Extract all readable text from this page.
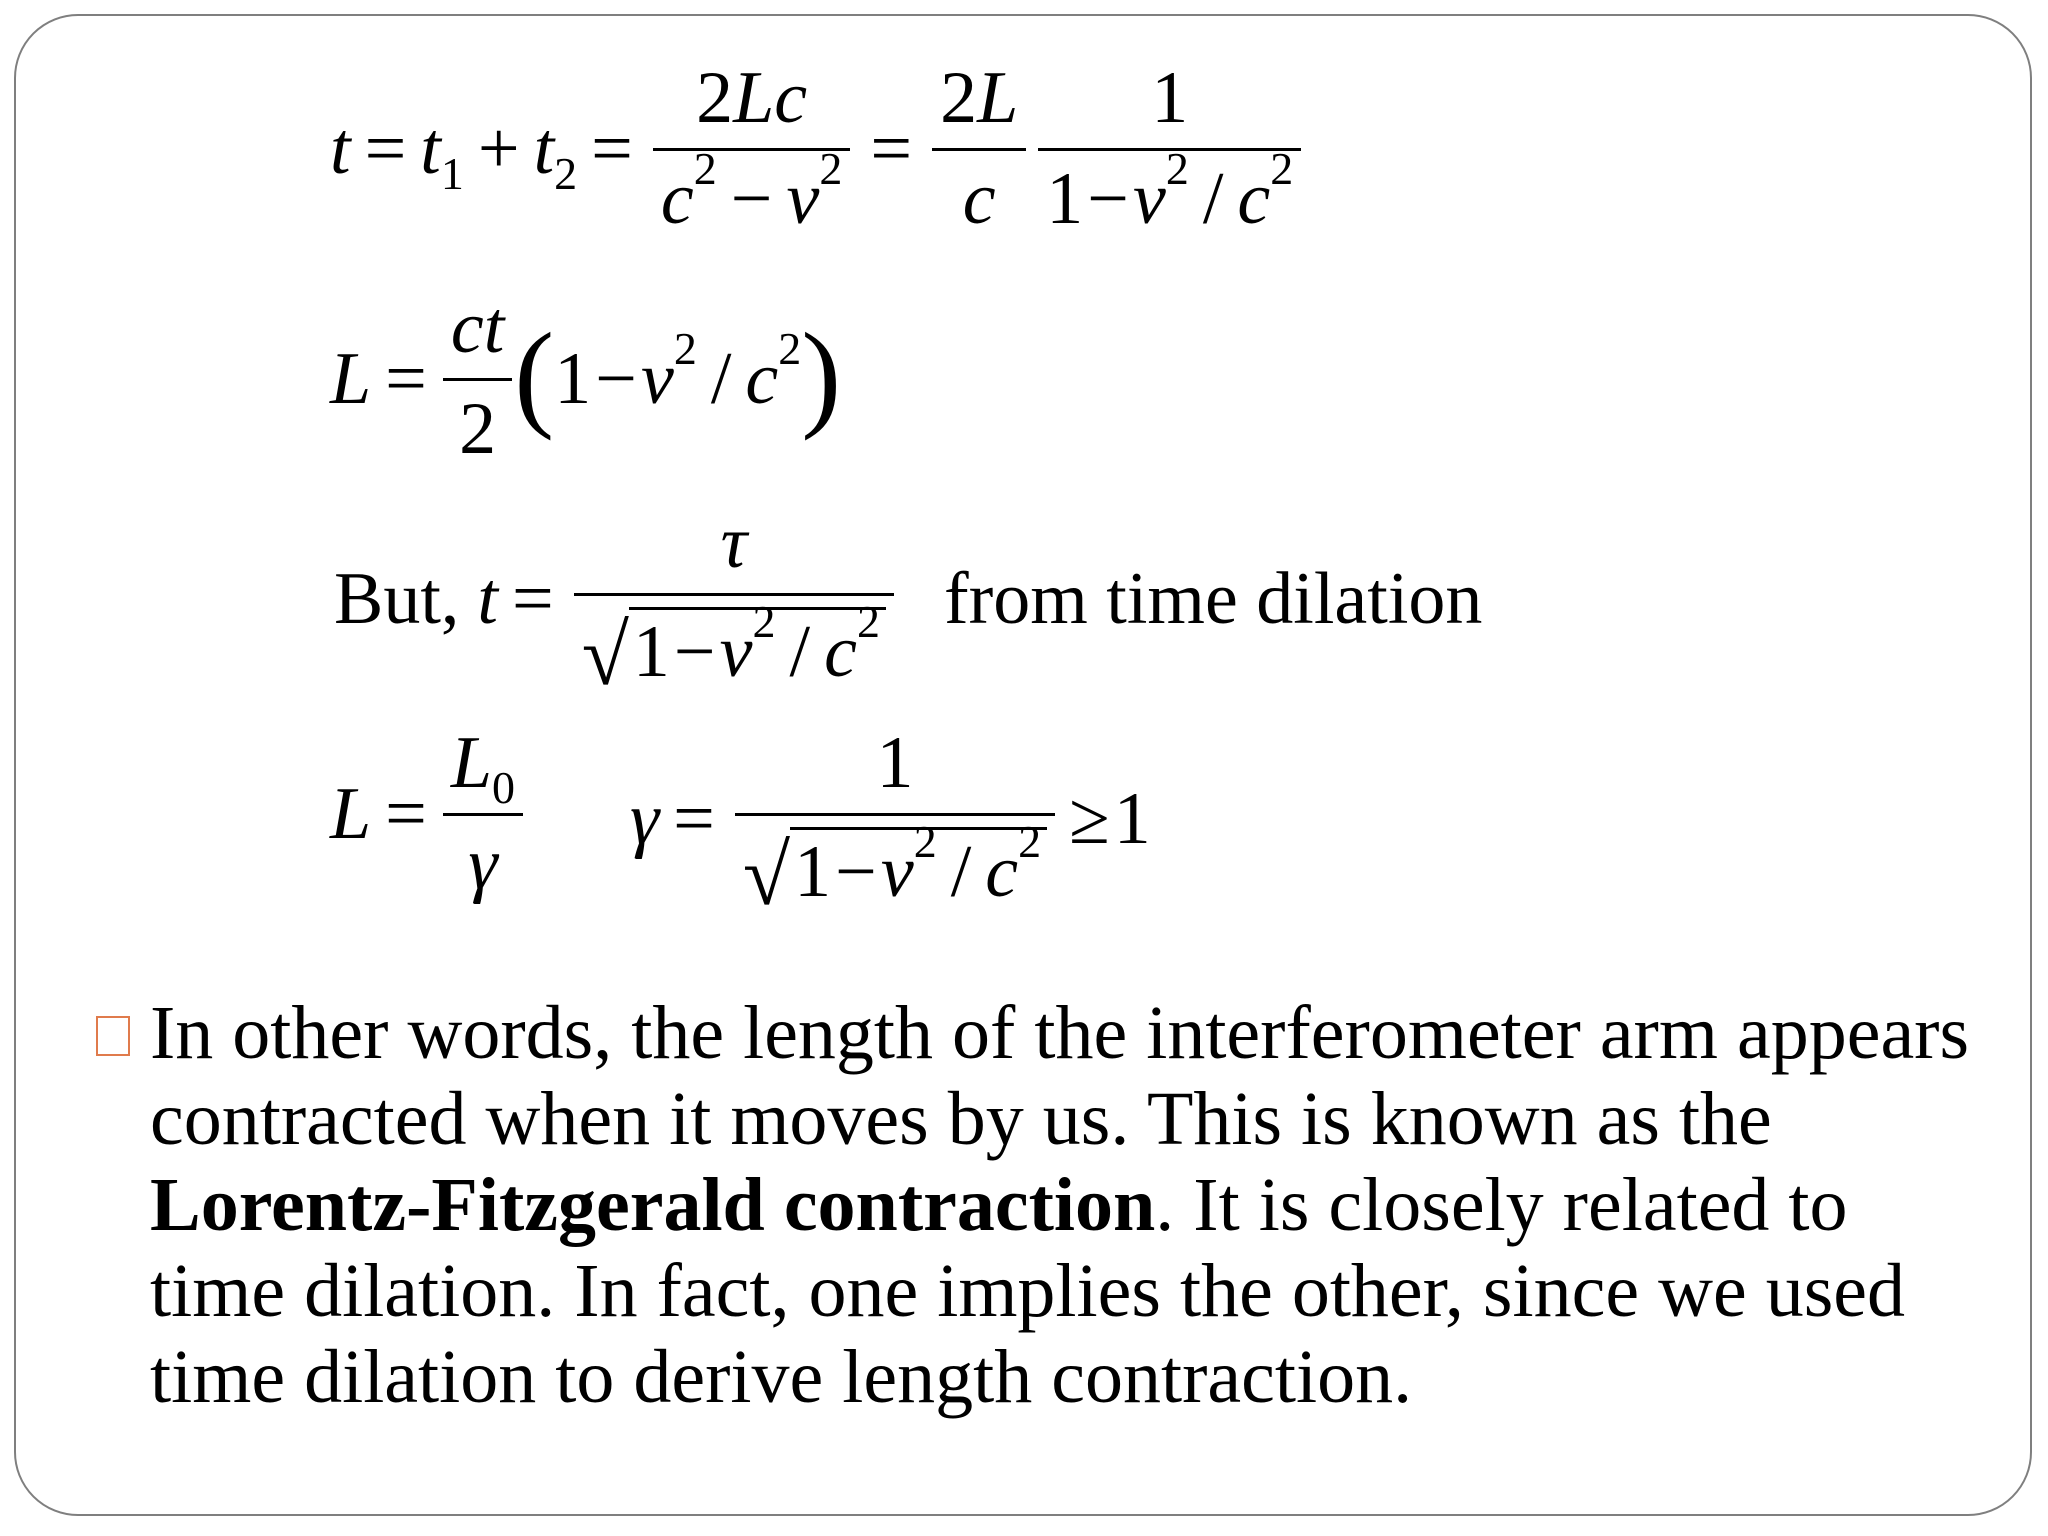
$t = t_1 + t_2 = \frac{2Lc}{c^2 - v^2} = \frac{2L}{c} \frac{1}{1-v^2 / c^2}$
$L = \frac{ct}{2}$ ( $1-v^2 / c^2$ )
But, $t = \frac{\tau}{√ 1-v^2 / c^2}$ from time dilation
$L = \frac{L_0}{\gamma}$ $\gamma = \frac{1}{√ 1-v^2 / c^2} \ge 1$
In other words, the length of the interferometer arm appears contracted when it moves by us. This is known as the Lorentz-Fitzgerald contraction. It is closely related to time dilation. In fact, one implies the other, since we used time dilation to derive length contraction.
